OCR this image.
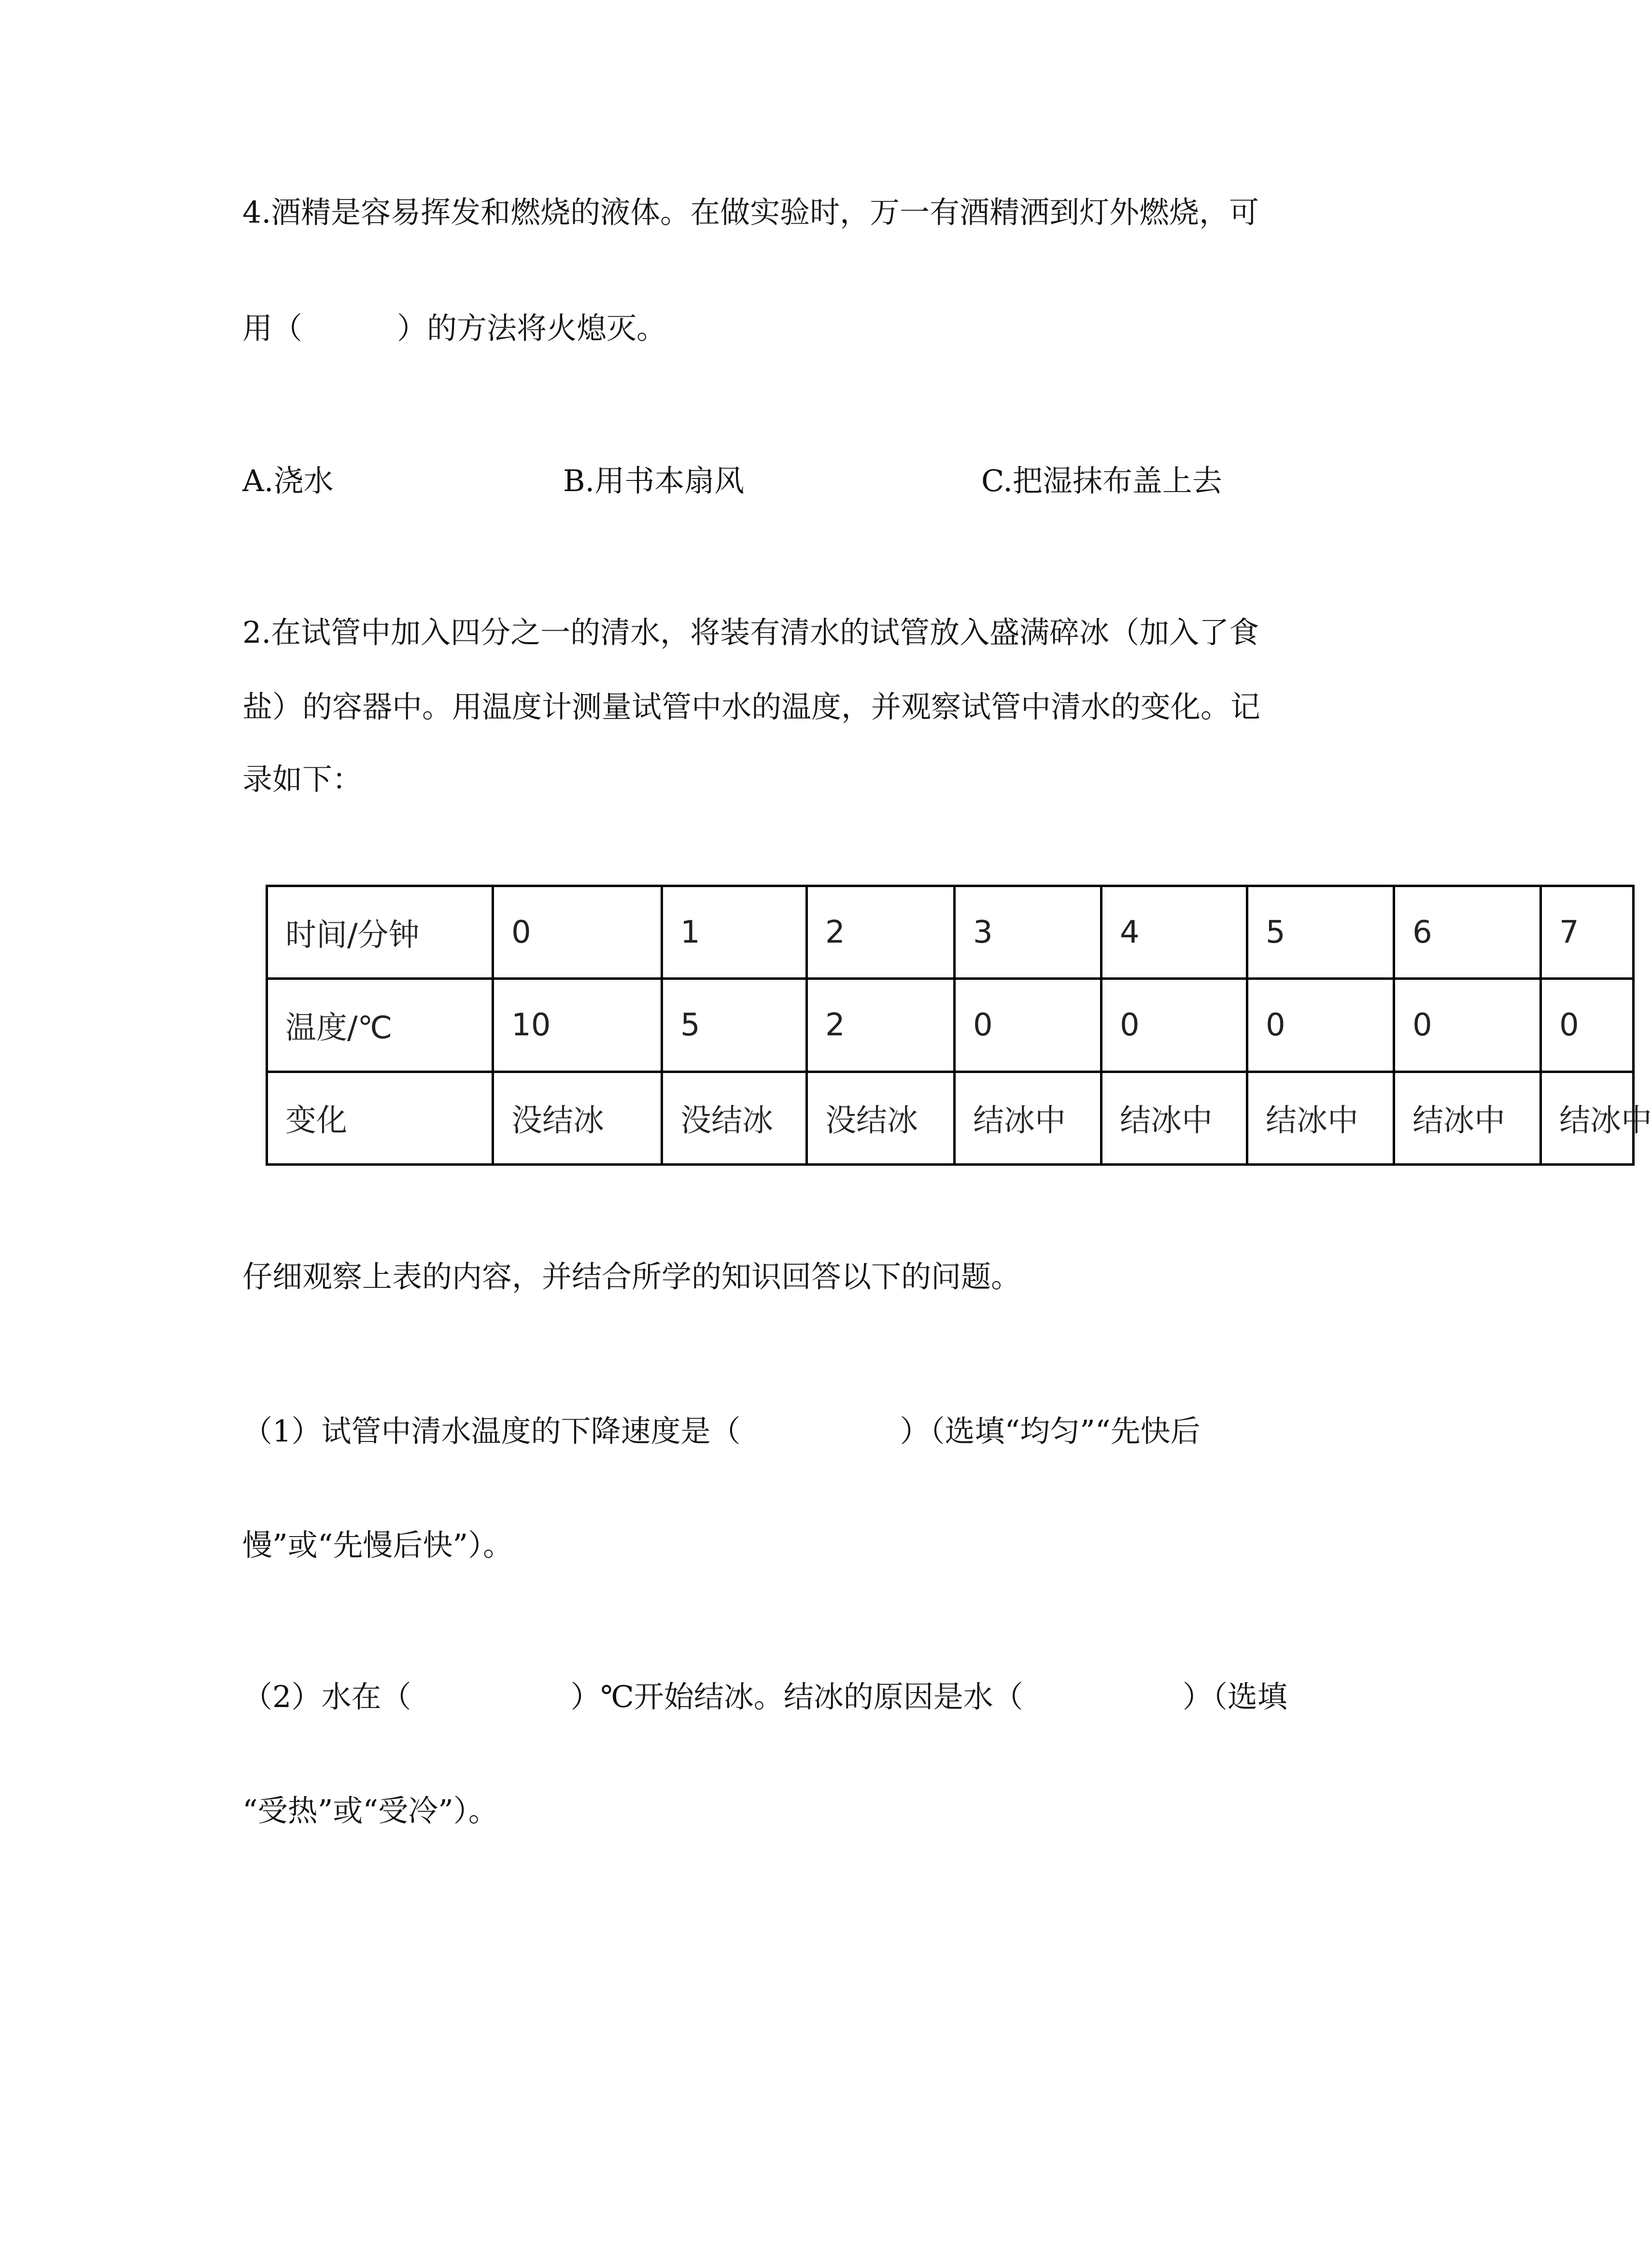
4.酒精是容易挥发和燃烧的液体。在做实验时，万一有酒精洒到灯外燃烧，可

用（	）的方法将火熄灭。

A.浇水	B.用书本扇风	C.把湿抹布盖上去

2.在试管中加入四分之一的清水，将装有清水的试管放入盛满碎冰（加入了食

盐）的容器中。用温度计测量试管中水的温度，并观察试管中清水的变化。记

录如下：

时间/分钟	0	1	2	3	4	5	6	7
温度/℃	10	5	2	0	0	0	0	0
变化	没结冰	没结冰	没结冰	结冰中	结冰中	结冰中	结冰中	结冰中

仔细观察上表的内容，并结合所学的知识回答以下的问题。

（1）试管中清水温度的下降速度是（	）（选填“均匀”“先快后

慢”或“先慢后快”）。

（2）水在（	）℃开始结冰。结冰的原因是水（	）（选填

“受热”或“受冷”）。
